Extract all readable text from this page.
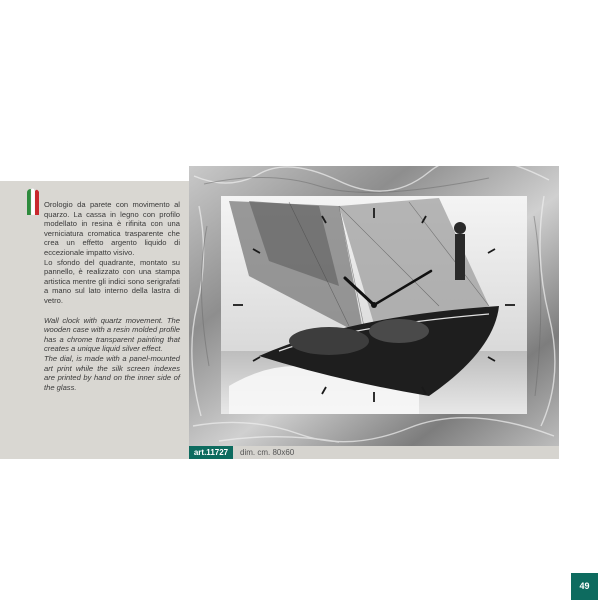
Orologio da parete con movimento al quarzo. La cassa in legno con profilo modellato in resina è rifinita con una verniciatura cromatica trasparente che crea un effetto argento liquido di eccezionale impatto visivo.

Lo sfondo del quadrante, montato su pannello, è realizzato con una stampa artistica mentre gli indici sono serigrafati a mano sul lato interno della lastra di vetro.

Wall clock with quartz movement. The wooden case with a resin molded profile has a chrome transparent painting that creates a unique liquid silver effect.

The dial, is made with a panel-mounted art print while the silk screen indexes are printed by hand on the inner side of the glass.

art.11727	dim. cm. 80x60
49
